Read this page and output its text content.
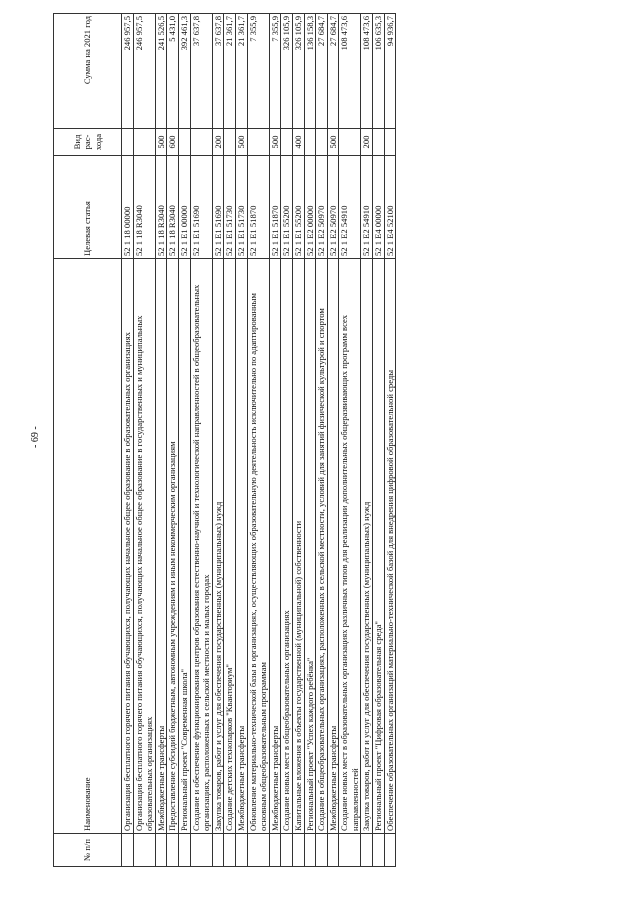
- 69 -
№ п/п	Наименование	Целевая статья	Вид рас-хода	Сумма на 2021 год
	Организация бесплатного горячего питания обучающихся, получающих начальное общее образование в образовательных организациях	52 1 18 00000		246 957,5
	Организация бесплатного горячего питания обучающихся, получающих начальное общее образование в государственных и муниципальных образовательных организациях	52 1 18 R3040		246 957,5
	Межбюджетные трансферты	52 1 18 R3040	500	241 526,5
	Предоставление субсидий бюджетным, автономным учреждениям и иным некоммерческим организациям	52 1 18 R3040	600	5 431,0
	Региональный проект "Современная школа"	52 1 E1 00000		392 461,3
	Создание и обеспечение функционирования центров образования естественно-научной и технологической направленностей в общеобразовательных организациях, расположенных в сельской местности и малых городах	52 1 E1 51690		37 637,8
	Закупка товаров, работ и услуг для обеспечения государственных (муниципальных) нужд	52 1 E1 51690	200	37 637,8
	Создание детских технопарков "Кванториум"	52 1 E1 51730		21 361,7
	Межбюджетные трансферты	52 1 E1 51730	500	21 361,7
	Обновление материально-технической базы в организациях, осуществляющих образовательную деятельность исключительно по адаптированным основным общеобразовательным программам	52 1 E1 51870		7 355,9
	Межбюджетные трансферты	52 1 E1 51870	500	7 355,9
	Создание новых мест в общеобразовательных организациях	52 1 E1 55200		326 105,9
	Капитальные вложения в объекты государственной (муниципальной) собственности	52 1 E1 55200	400	326 105,9
	Региональный проект "Успех каждого ребёнка"	52 1 E2 00000		136 158,3
	Создание в общеобразовательных организациях, расположенных в сельской местности, условий для занятий физической культурой и спортом	52 1 E2 50970		27 684,7
	Межбюджетные трансферты	52 1 E2 50970	500	27 684,7
	Создание новых мест в образовательных организациях различных типов для реализации дополнительных общеразвивающих программ всех направленностей	52 1 E2 54910		108 473,6
	Закупка товаров, работ и услуг для обеспечения государственных (муниципальных) нужд	52 1 E2 54910	200	108 473,6
	Региональный проект "Цифровая образовательная среда"	52 1 E4 00000		106 635,3
	Обеспечение образовательных организаций материально-технической базой для внедрения цифровой образовательной среды	52 1 E4 52100		94 936,7
